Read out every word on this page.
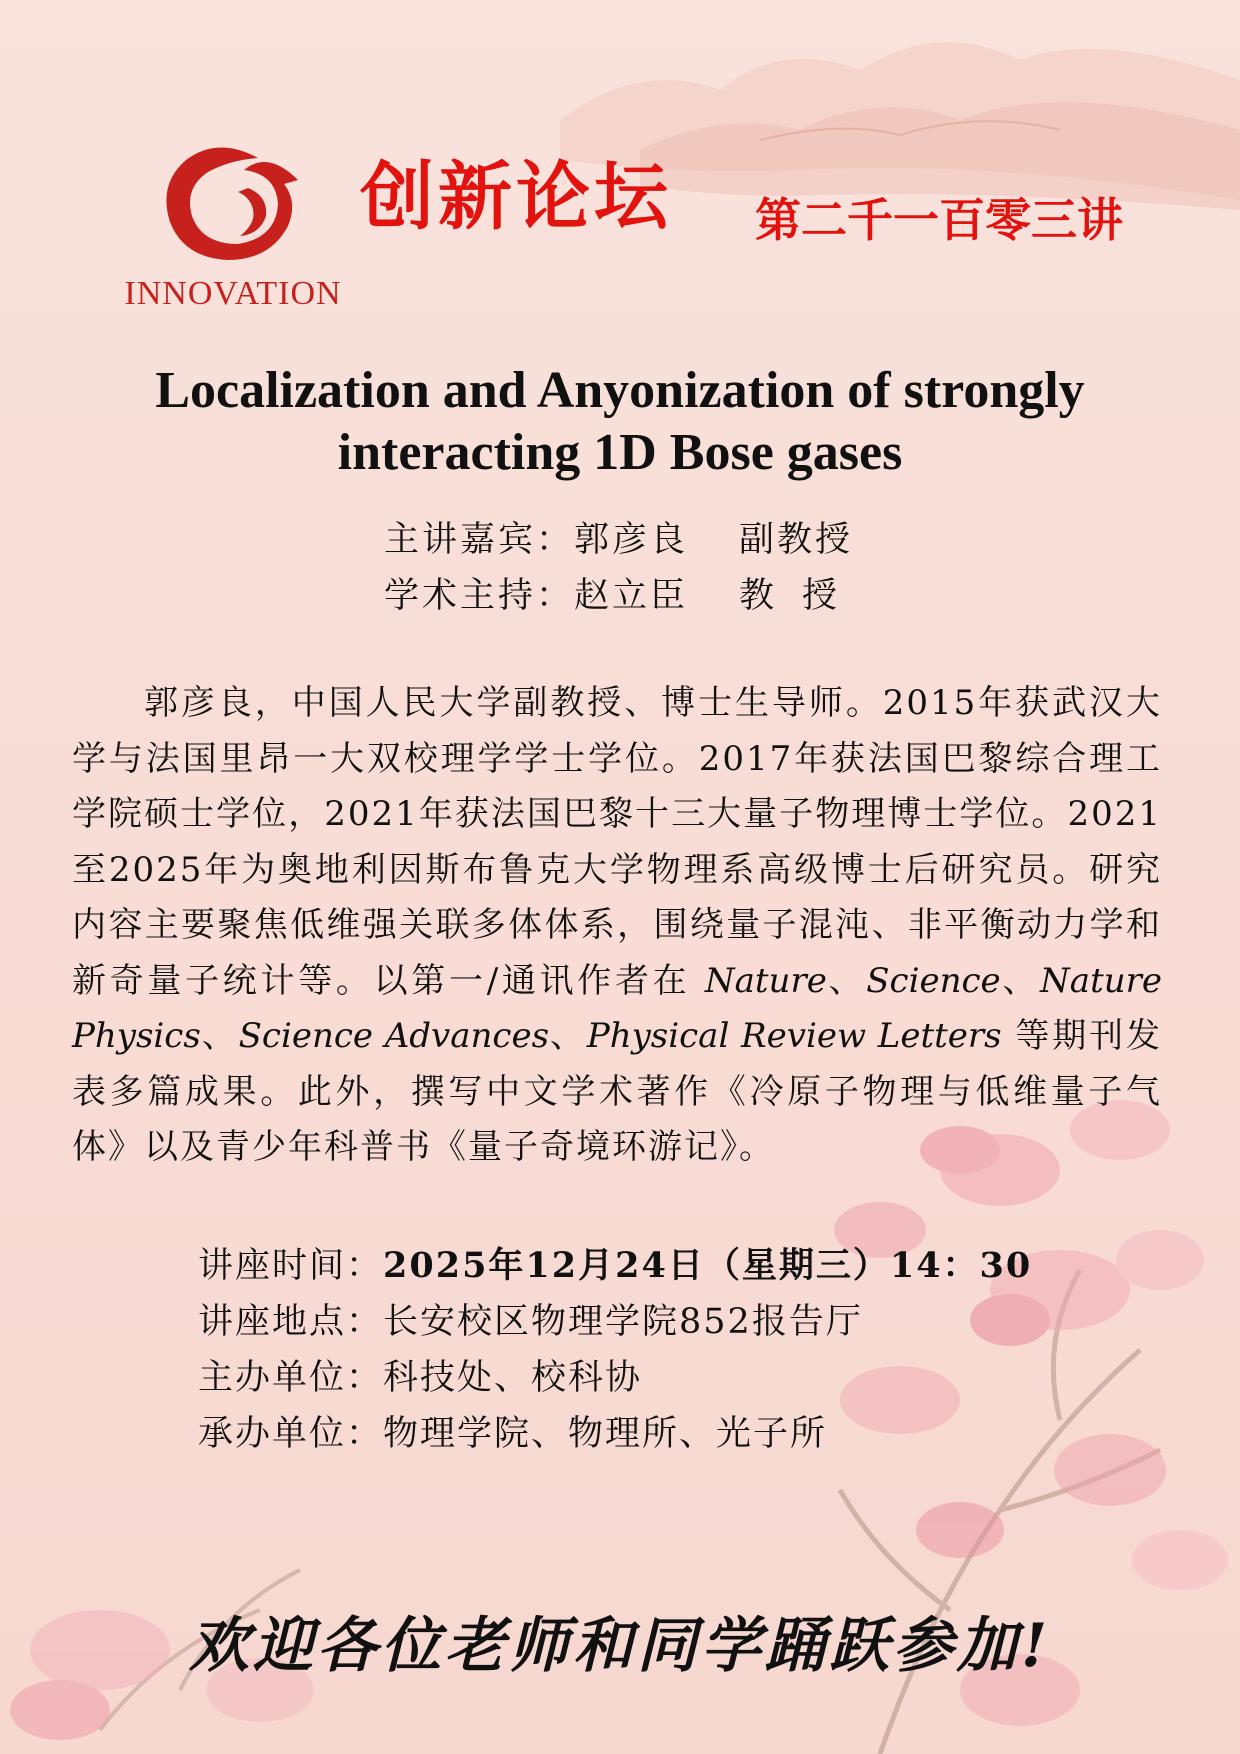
INNOVATION
创新论坛 第二千一百零三讲
Localization and Anyonization of strongly
interacting 1D Bose gases
主讲嘉宾： 郭彦良	副教授
学术主持： 赵立臣	教授

郭彦良，中国人民大学副教授、博士生导师。2015年获武汉大学与法国里昂一大双校理学学士学位。2017年获法国巴黎综合理工学院硕士学位，2021年获法国巴黎十三大量子物理博士学位。2021至2025年为奥地利因斯布鲁克大学物理系高级博士后研究员。研究内容主要聚焦低维强关联多体体系，围绕量子混沌、非平衡动力学和新奇量子统计等。以第一/通讯作者在 Nature、Science、Nature Physics、Science Advances、Physical Review Letters 等期刊发表多篇成果。此外，撰写中文学术著作《冷原子物理与低维量子气体》以及青少年科普书《量子奇境环游记》。

讲座时间：2025年12月24日（星期三）14：30
讲座地点：长安校区物理学院852报告厅
主办单位：科技处、校科协
承办单位：物理学院、物理所、光子所
欢迎各位老师和同学踊跃参加!
